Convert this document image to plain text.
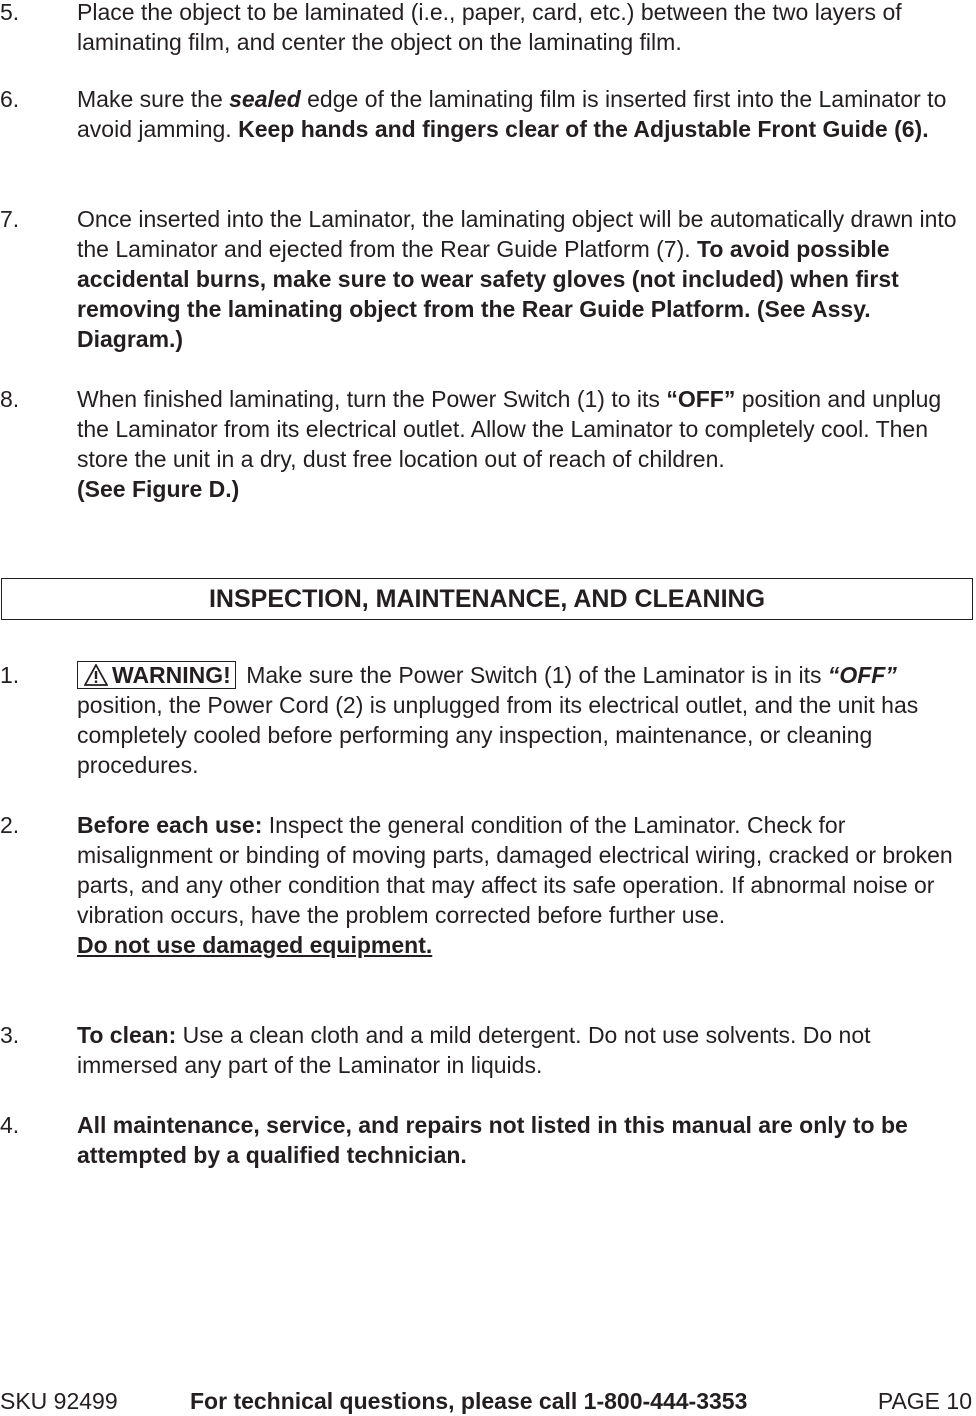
5.	Place the object to be laminated (i.e., paper, card, etc.) between the two layers of laminating film, and center the object on the laminating film.
6.	Make sure the sealed edge of the laminating film is inserted first into the Laminator to avoid jamming. Keep hands and fingers clear of the Adjustable Front Guide (6).
7.	Once inserted into the Laminator, the laminating object will be automatically drawn into the Laminator and ejected from the Rear Guide Platform (7). To avoid possible accidental burns, make sure to wear safety gloves (not included) when first removing the laminating object from the Rear Guide Platform. (See Assy. Diagram.)
8.	When finished laminating, turn the Power Switch (1) to its “OFF” position and unplug the Laminator from its electrical outlet. Allow the Laminator to completely cool. Then store the unit in a dry, dust free location out of reach of children.
(See Figure D.)
INSPECTION, MAINTENANCE, AND CLEANING
1.	WARNING! Make sure the Power Switch (1) of the Laminator is in its “OFF” position, the Power Cord (2) is unplugged from its electrical outlet, and the unit has completely cooled before performing any inspection, maintenance, or cleaning procedures.
2.	Before each use: Inspect the general condition of the Laminator. Check for misalignment or binding of moving parts, damaged electrical wiring, cracked or broken parts, and any other condition that may affect its safe operation. If abnormal noise or vibration occurs, have the problem corrected before further use.
Do not use damaged equipment.
3.	To clean: Use a clean cloth and a mild detergent. Do not use solvents. Do not immersed any part of the Laminator in liquids.
4.	All maintenance, service, and repairs not listed in this manual are only to be attempted by a qualified technician.
SKU 92499	For technical questions, please call 1-800-444-3353	PAGE 10
